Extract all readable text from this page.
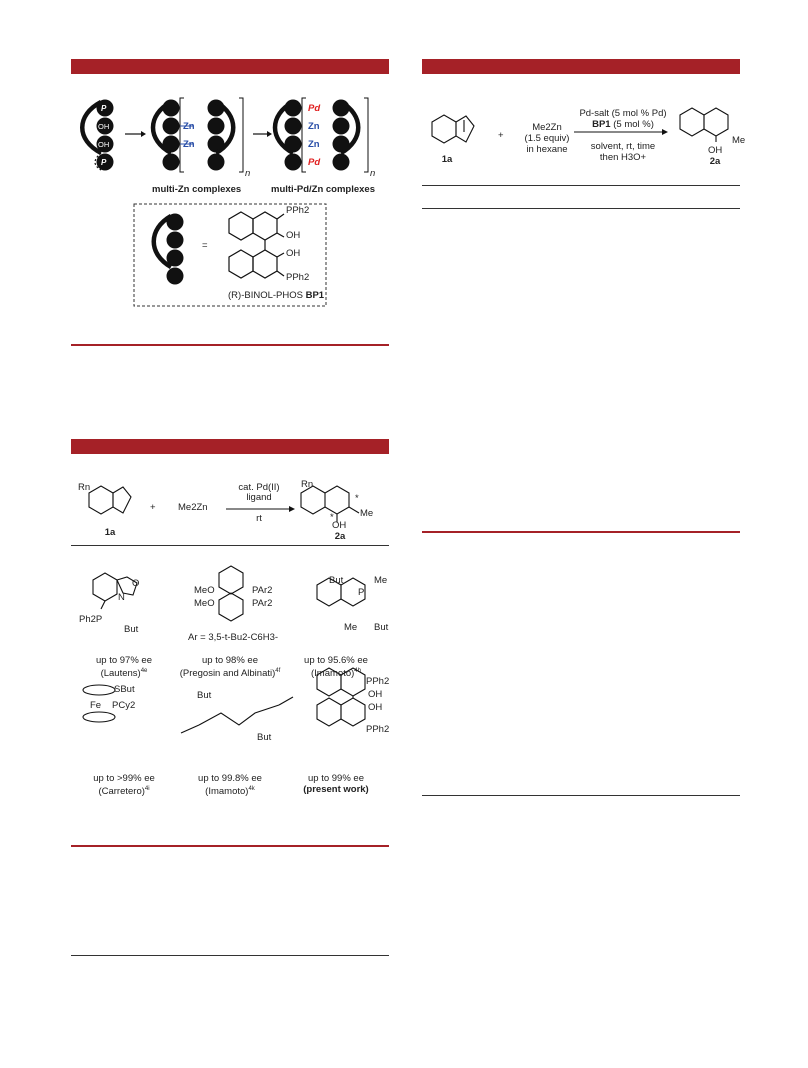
P
OH
OH
P
Zn
Zn
Zn
Zn
Pd
Pd
n	n
multi-Zn complexes	multi-Pd/Zn complexes
=
PPh2
OH
OH
PPh2
(R)-BINOL-PHOS BP1
Rn
1a
+ Me2Zn
cat. Pd(II)
ligand
rt
Rn
*
Me
*
OH
2a
Ph2P
N
O
But
MeO
MeO
PAr2
PAr2
Ar = 3,5-t-Bu2-C6H3-
But	Me
P
Me But
SBut
Fe PCy2
But
But
PPh2
OH
OH
PPh2
up to 97% ee
(Lautens)$^{4e}$
up to 98% ee
(Pregosin and Albinati)$^{4f}$
up to 95.6% ee
(Imamoto)$^{4h}$
up to >99% ee
(Carretero)$^{4i}$
up to 99.8% ee
(Imamoto)$^{4k}$
up to 99% ee
(present work)
1a
+
Me2Zn
(1.5 equiv)
in hexane
Pd-salt (5 mol % Pd)
BP1 (5 mol %)
solvent, rt, time
then H3O+
Me
OH
2a
